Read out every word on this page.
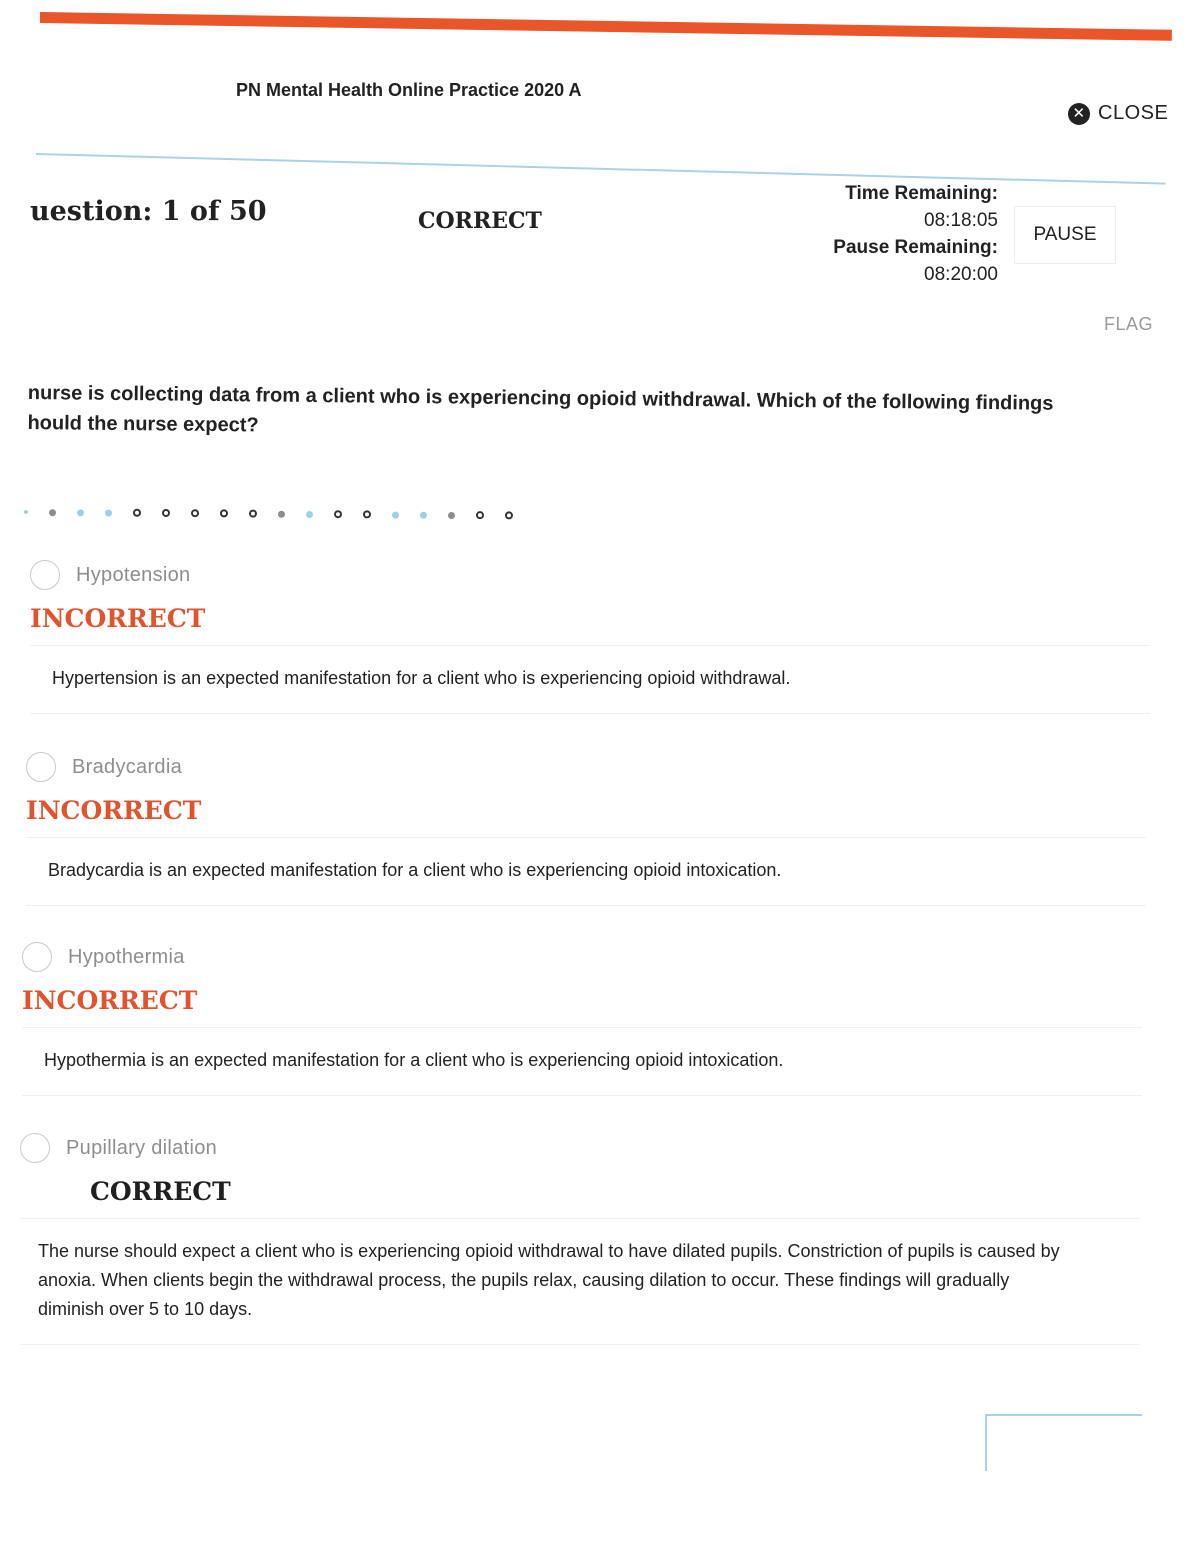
PN Mental Health Online Practice 2020 A
✕ CLOSE
uestion: 1 of 50	CORRECT
Time Remaining:
08:18:05
Pause Remaining:
08:20:00
PAUSE
FLAG
nurse is collecting data from a client who is experiencing opioid withdrawal. Which of the following findings
hould the nurse expect?
Hypotension
INCORRECT
Hypertension is an expected manifestation for a client who is experiencing opioid withdrawal.
Bradycardia
INCORRECT
Bradycardia is an expected manifestation for a client who is experiencing opioid intoxication.
Hypothermia
INCORRECT
Hypothermia is an expected manifestation for a client who is experiencing opioid intoxication.
Pupillary dilation
CORRECT
The nurse should expect a client who is experiencing opioid withdrawal to have dilated pupils. Constriction of pupils is caused by anoxia. When clients begin the withdrawal process, the pupils relax, causing dilation to occur. These findings will gradually diminish over 5 to 10 days.
